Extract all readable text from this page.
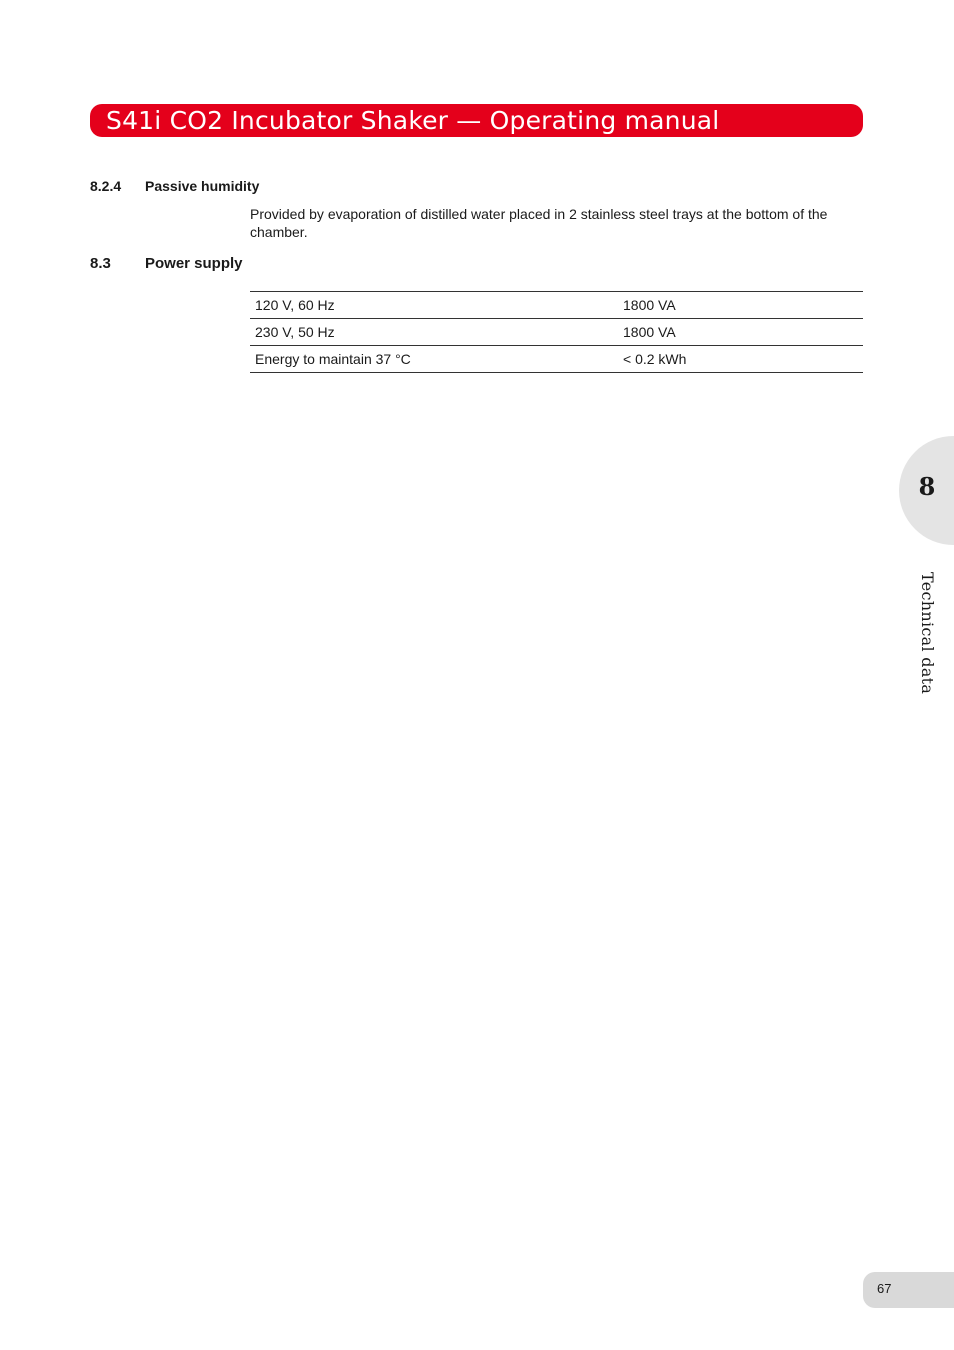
S41i CO2 Incubator Shaker — Operating manual
8.2.4 Passive humidity

Provided by evaporation of distilled water placed in 2 stainless steel trays at the bottom of the chamber.

8.3 Power supply
120 V, 60 Hz	1800 VA
230 V, 50 Hz	1800 VA
Energy to maintain 37 °C	< 0.2 kWh
8
Technical data
67
